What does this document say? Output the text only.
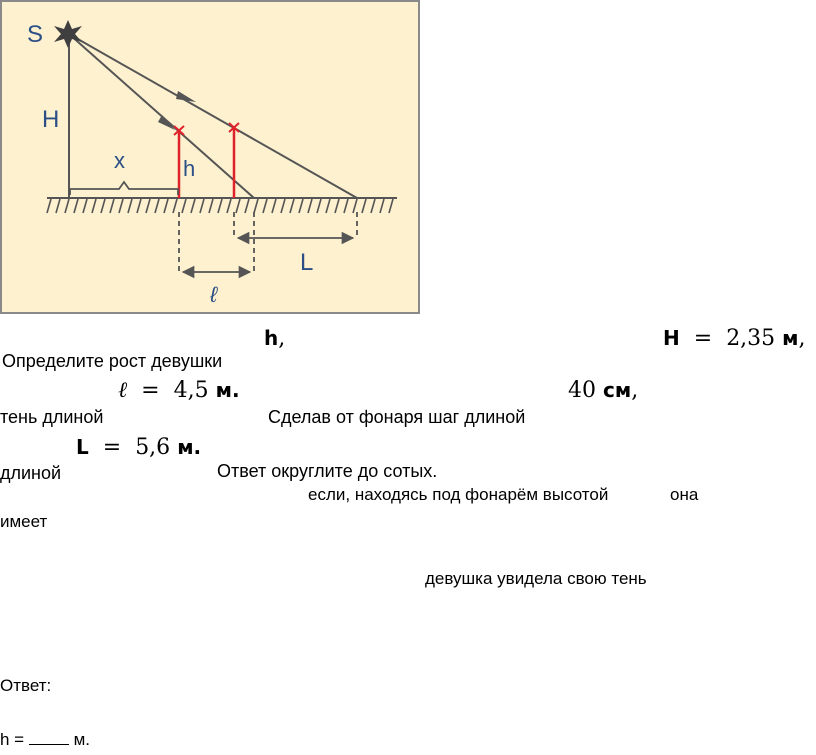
S
H
x	h
L
ℓ
h,	H = 2,35 м,
ℓ = 4,5 м.	40 см,
L = 5,6 м.
Определите рост девушки
тень длиной	Сделав от фонаря шаг длиной
длиной	Ответ округлите до сотых.
если, находясь под фонарём высотой	она
имеет
девушка увидела свою тень
Ответ:
h =	м.
